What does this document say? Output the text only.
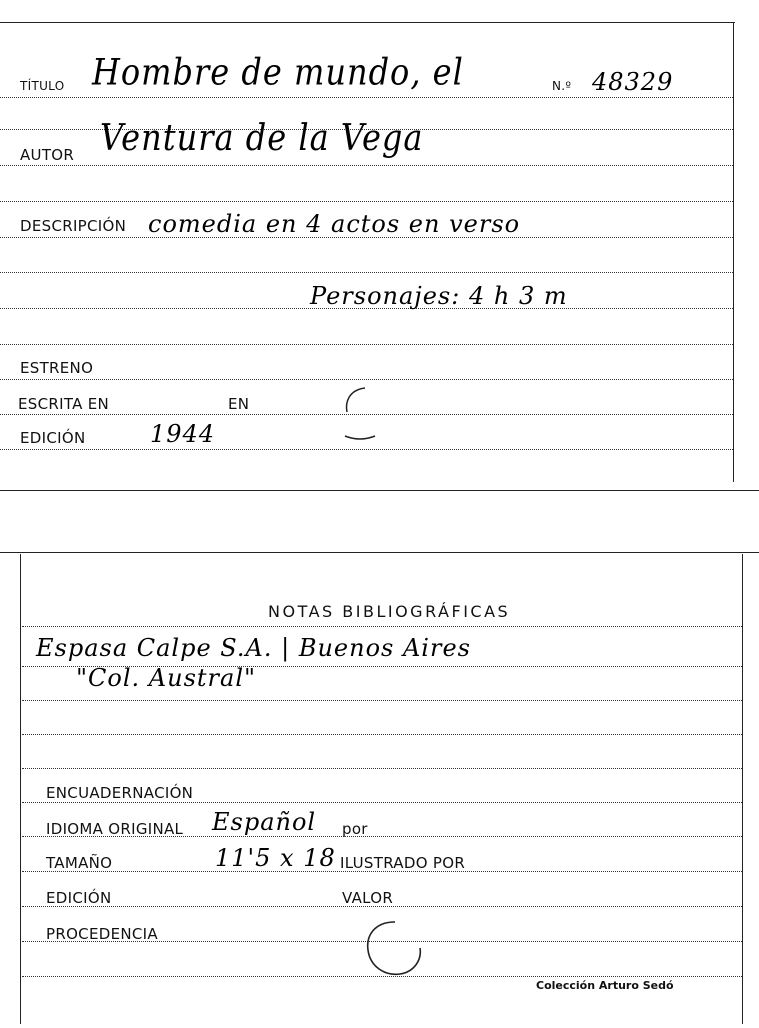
TÍTULO Hombre de mundo, el	N.º 48329
AUTOR Ventura de la Vega
DESCRIPCIÓN comedia en 4 actos en verso
Personajes: 4 h 3 m
ESTRENO
ESCRITA EN	EN
EDICIÓN	1944
NOTAS BIBLIOGRÁFICAS
Espasa Calpe S.A. | Buenos Aires
"Col. Austral"
ENCUADERNACIÓN
IDIOMA ORIGINAL Español por
TAMAÑO	11'5 x 18 ILUSTRADO POR
EDICIÓN	VALOR
PROCEDENCIA
Colección Arturo Sedó
